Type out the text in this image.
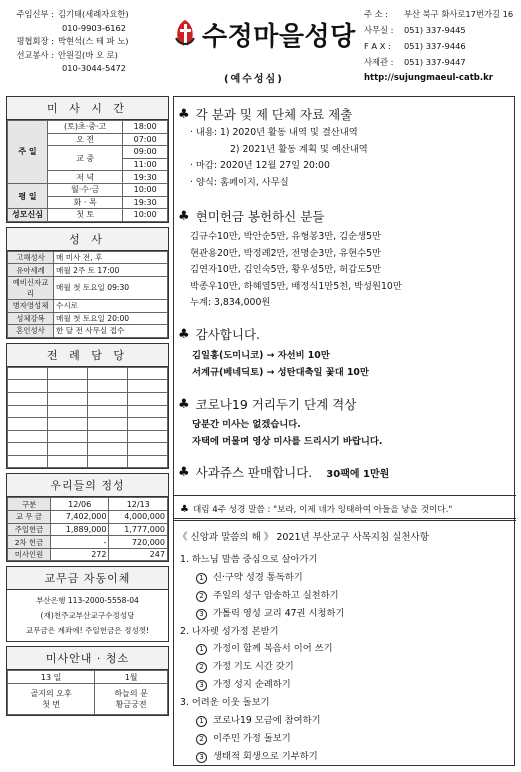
주임신부 : 김기태(세례자요한)
010-9903-6162
평협회장 : 박현석(스 테 파 노)
선교봉사 : 안원길(바 오 로)
010-3044-5472
수정마을성당
(예수성심)
주 소 :	부산 북구 화사로17번가길 16
사무실 :	051) 337-9445
F A X :	051) 337-9446
사제관 :	051) 337-9447
http://sujungmaeul-catb.kr
미 사 시 간
주 일	(토)초·중·고	18:00
	오 전	07:00
	교 중	09:00
		11:00
	저 녁	19:30
평 일	월·수·금	10:00
	화 · 목	19:30
성모신심	첫 토	10:00
성 사
고해성사	매 미사 전, 후
유아세례	매월 2주 토 17:00
예비신자교리	매월 첫 토요일 09:30
병자영성체	수시로
성체강복	매월 첫 토요일 20:00
혼인성사	한 달 전 사무실 접수
전 례 담 당

우리들의 정성
구분	12/06	12/13
교 무 금	7,402,000	4,000,000
주일헌금	1,889,000	1,777,000
2차 헌금	-	720,000
미사인원	272	247
교무금 자동이체
부산은행 113-2000-5558-04
(재)천주교부산교구수정성당
교무금은 계좌에! 주일헌금은 정성껏!
미사안내 · 청소
13 일	1월
골지의 오후	하늘의 문
첫 번	황금궁전
♣ 각 분과 및 제 단체 자료 제출
· 내용: 1) 2020년 활동 내역 및 결산내역
2) 2021년 활동 계획 및 예산내역
· 마감: 2020년 12월 27일 20:00
· 양식: 홈페이지, 사무실
♣ 현미헌금 봉헌하신 분들
김규수10만, 박안순5만, 유형봉3만, 김순생5만
현관용20만, 박정례2만, 전명순3만, 유현수5만
김연자10만, 김인숙5만, 황우성5만, 허갑도5만
박종우10만, 하혜열5만, 배정식1만5천, 박성원10만
누계: 3,834,000원
♣ 감사합니다.
김일홍(도미니코) → 자선비 10만
서계규(베네딕토) → 성탄대축일 꽃대 10만
♣ 코로나19 거리두기 단계 격상
당분간 미사는 없겠습니다.
자택에 머물며 영상 미사를 드리시기 바랍니다.
♣ 사과쥬스 판매합니다. 30팩에 1만원
♣ 대림 4주 성경 말씀 : "보라, 이제 네가 잉태하여 아들을 낳을 것이다."
《 신앙과 말씀의 해 》 2021년 부산교구 사목지침 실천사항
1. 하느님 말씀 중심으로 살아가기
1 신·구약 성경 통독하기
2 주일의 성구 암송하고 실천하기
3 가톨릭 영성 교리 47권 시청하기
2. 나자렛 성가정 본받기
1 가정이 함께 복음서 이어 쓰기
2 가정 기도 시간 갖기
3 가정 성지 순례하기
3. 어려운 이웃 돌보기
1 코로나19 모금에 참여하기
2 이주민 가정 돌보기
3 생태적 회생으로 기부하기
